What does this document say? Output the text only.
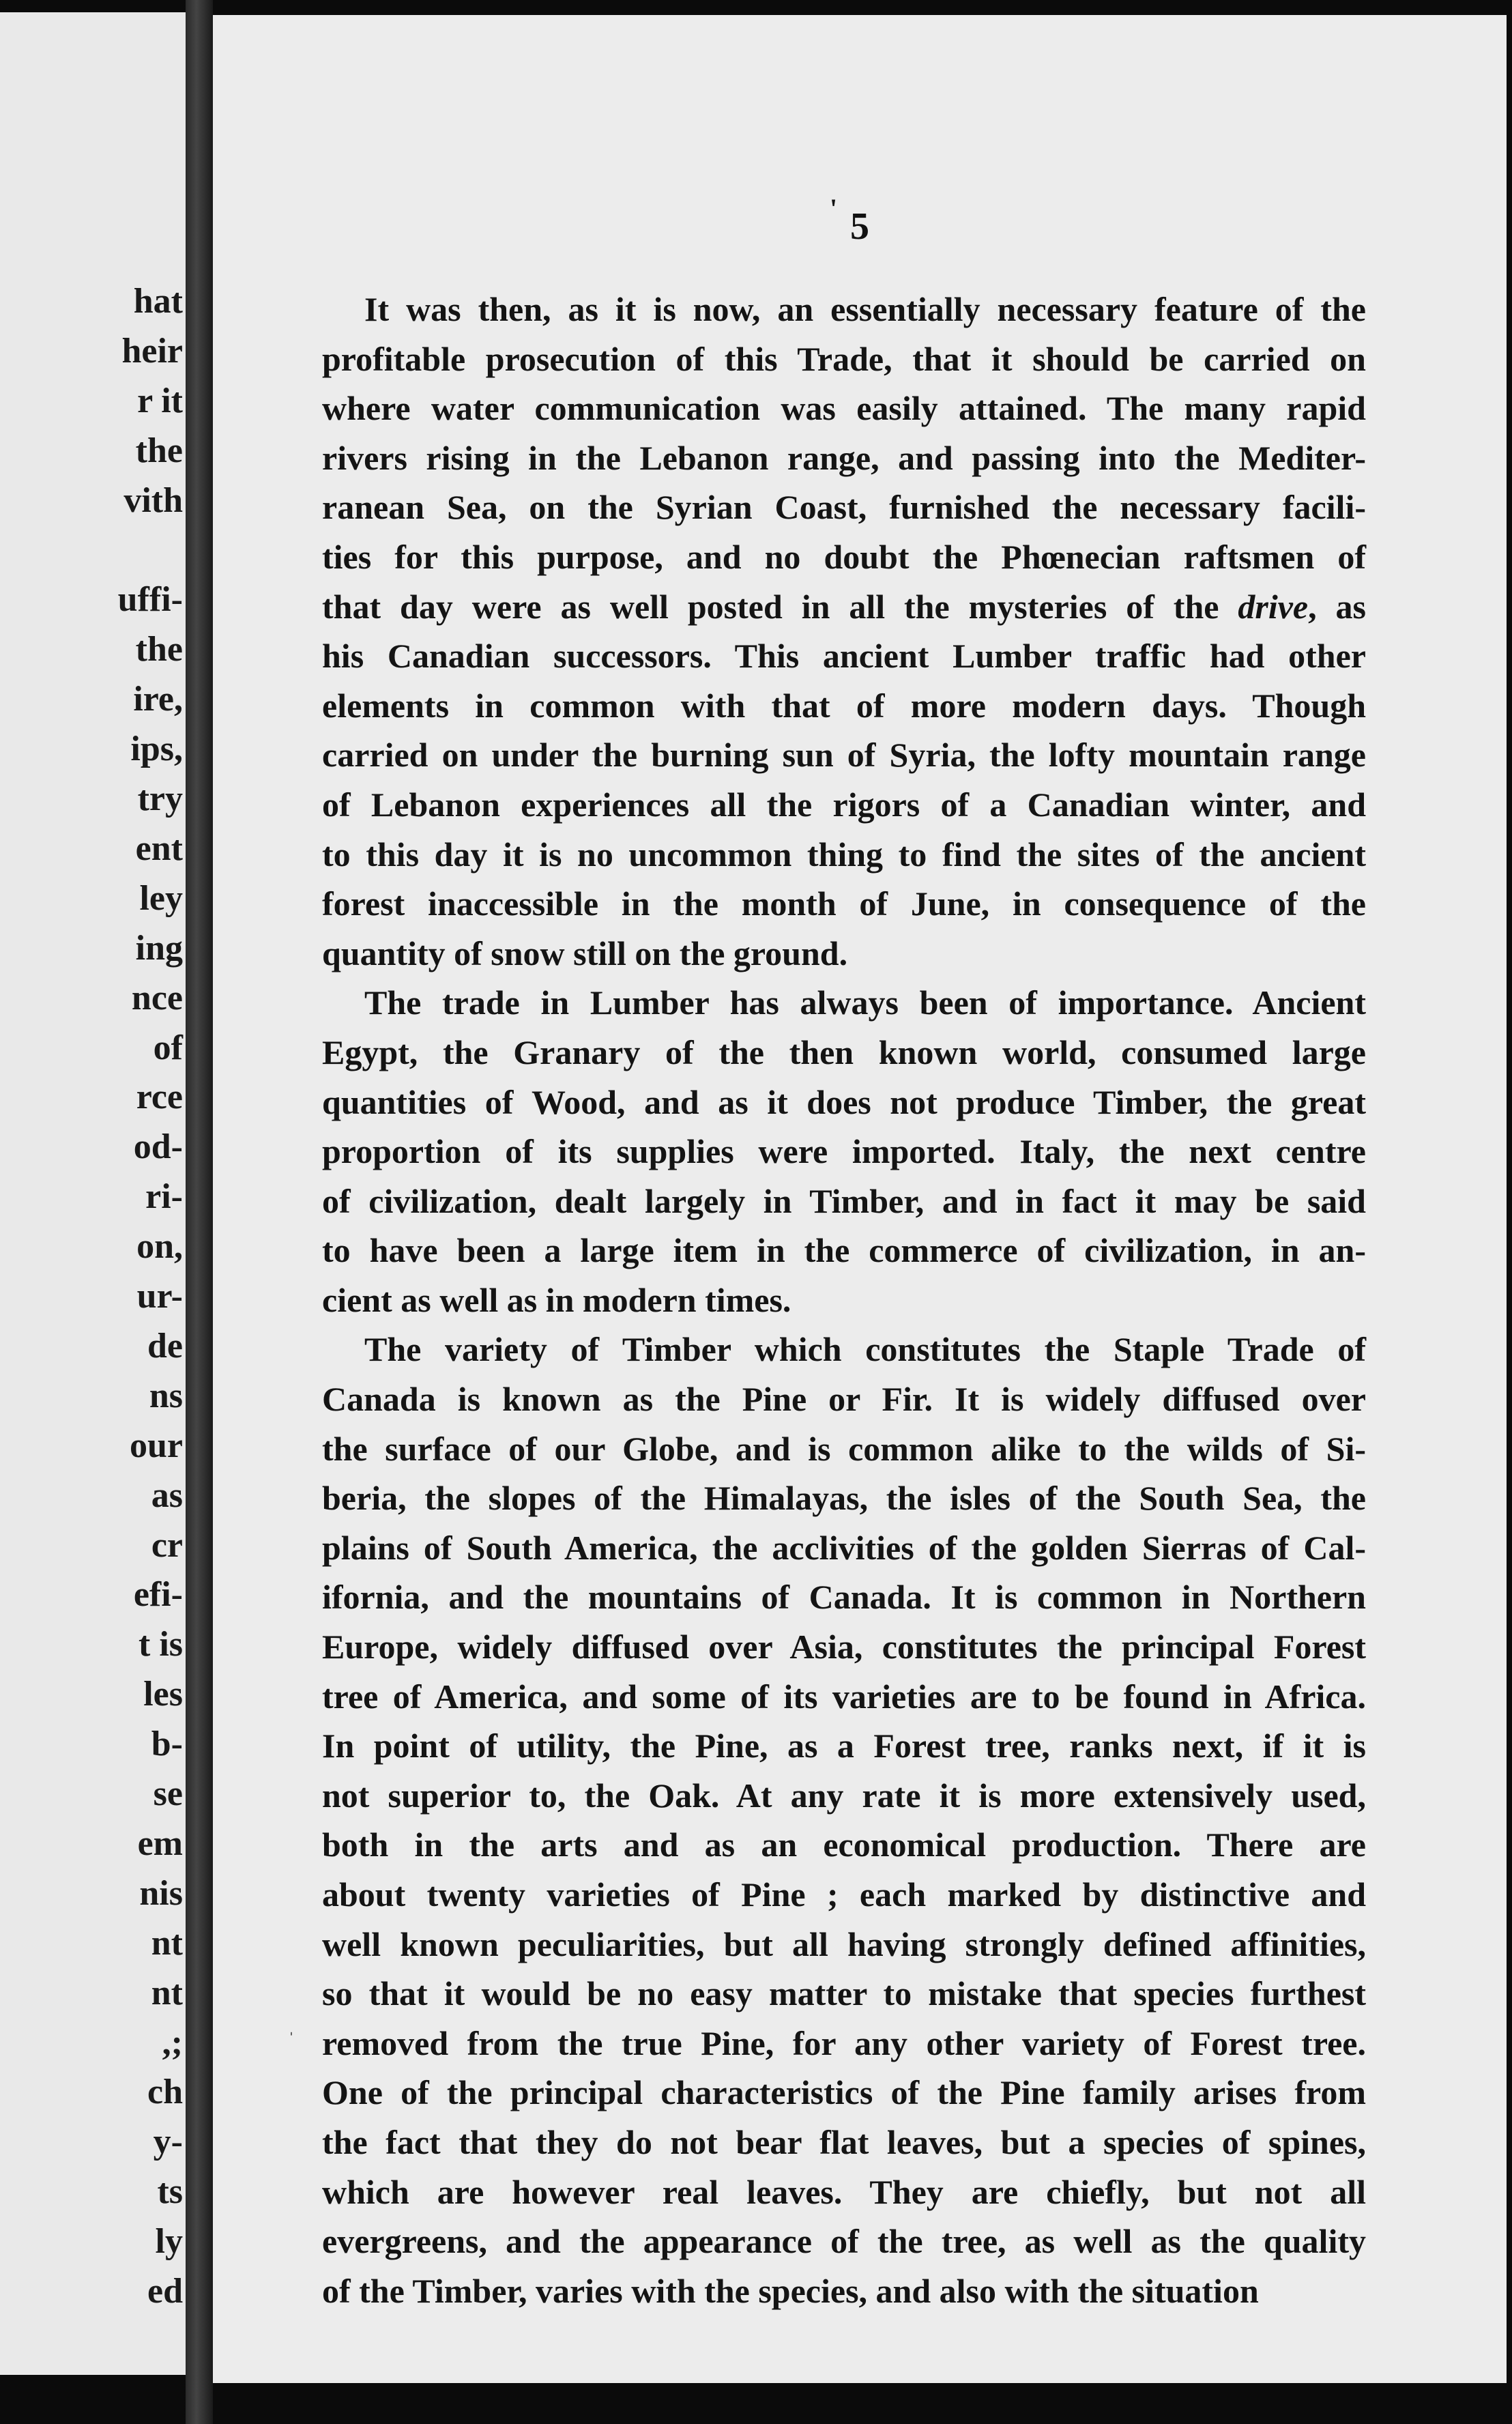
hat
heir
r it
the
vith
uffi-
the
ire,
ips,
try
ent
ley
ing
nce
of
rce
od-
ri-
on,
ur-
de
ns
our
as
cr
efi-
t is
les
b-
se
em
nis
nt
nt
,;
ch
y-
ts
ly
ed
' 5
It was then, as it is now, an essentially necessary feature of the
profitable prosecution of this Trade, that it should be carried on
where water communication was easily attained. The many rapid
rivers rising in the Lebanon range, and passing into the Mediter-
ranean Sea, on the Syrian Coast, furnished the necessary facili-
ties for this purpose, and no doubt the Phœnecian raftsmen of
that day were as well posted in all the mysteries of the drive, as
his Canadian successors. This ancient Lumber traffic had other
elements in common with that of more modern days. Though
carried on under the burning sun of Syria, the lofty mountain range
of Lebanon experiences all the rigors of a Canadian winter, and
to this day it is no uncommon thing to find the sites of the ancient
forest inaccessible in the month of June, in consequence of the
quantity of snow still on the ground.
The trade in Lumber has always been of importance. Ancient
Egypt, the Granary of the then known world, consumed large
quantities of Wood, and as it does not produce Timber, the great
proportion of its supplies were imported. Italy, the next centre
of civilization, dealt largely in Timber, and in fact it may be said
to have been a large item in the commerce of civilization, in an-
cient as well as in modern times.
The variety of Timber which constitutes the Staple Trade of
Canada is known as the Pine or Fir. It is widely diffused over
the surface of our Globe, and is common alike to the wilds of Si-
beria, the slopes of the Himalayas, the isles of the South Sea, the
plains of South America, the acclivities of the golden Sierras of Cal-
ifornia, and the mountains of Canada. It is common in Northern
Europe, widely diffused over Asia, constitutes the principal Forest
tree of America, and some of its varieties are to be found in Africa.
In point of utility, the Pine, as a Forest tree, ranks next, if it is
not superior to, the Oak. At any rate it is more extensively used,
both in the arts and as an economical production. There are
about twenty varieties of Pine ; each marked by distinctive and
well known peculiarities, but all having strongly defined affinities,
so that it would be no easy matter to mistake that species furthest
removed from the true Pine, for any other variety of Forest tree.
One of the principal characteristics of the Pine family arises from
the fact that they do not bear flat leaves, but a species of spines,
which are however real leaves. They are chiefly, but not all
evergreens, and the appearance of the tree, as well as the quality
of the Timber, varies with the species, and also with the situation
ˌ
